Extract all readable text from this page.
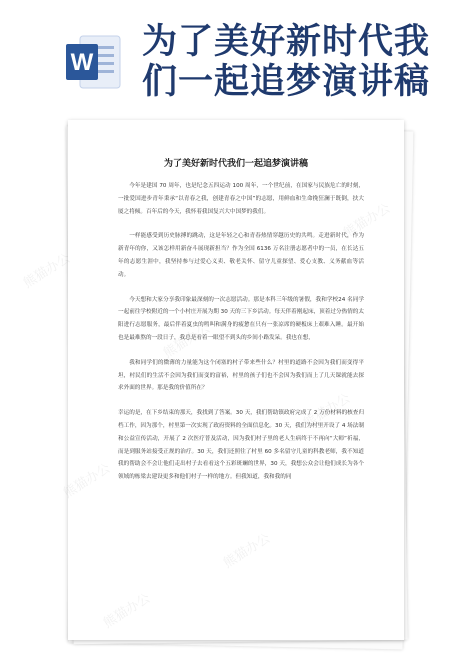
W
为了美好新时代我
们一起追梦演讲稿
为了美好新时代我们一起追梦演讲稿

今年是建国 70 周年，也是纪念五四运动 100 周年，一个世纪前，在国家与民族危亡的时刻，一批爱国进步青年秉承“以青春之我，创建青春之中国”的志愿，用鲜血和生命挽狂澜于既倒，扶大厦之将倾。百年后的今天，我怀着我国复兴大中国梦的我们。

一样能感受到历史脉搏的跳动，这是年轻之心和青春热情穿越历史的共鸣。走进新时代，作为新青年的你，又该怎样用新奋斗展现新担当？作为全国 6136 万名注册志愿者中的一员，在长达五年的志愿生涯中，我坚持参与过爱心义卖、敬老关怀、留守儿童探望、爱心支教、义务献血等活动。

今天想和大家分享我印象最深刻的一次志愿活动。那是本科三年级的暑假，我和学校24 名同学一起前往学校附近的一个小村庄开展为期 30 天的三下乡活动。每天伴着刚起床，顶着过分热情的太阳进行志愿服务，最后伴着夏虫的鸣叫和满身的疲惫在只有一张凉席的硬板床上艰难入睡。最开始也是最难熬的一段日子，我总是看着一眼望不到头的乡间小路发呆。我也在想，

我和同学们的微薄的力量能为这个闭塞的村子带来些什么？村里的道路不会因为我们而变得平坦，村民们的生活不会因为我们而变的富裕，村里的孩子们也不会因为我们而上了几天课就能去探求外面的世界。那是我的价值所在？

幸运的是，在下乡结束的那天，我找到了答案。30 天，我们帮助镇政府完成了 2 万份材料的核查归档工作，因为那个，村里第一次实现了政府资料的全面信息化。30 天，我们为村里开设了 4 场法制和公益宣传活动，开展了 2 次医疗普及活动，因为我们村子里的老人生病终于不再向“大师”祈福，而是到服务站接受正规的治疗。30 天，我们还照往了村里 60 多名留守儿童的科教老师，我不知道我的帮助会不会让他们走出村子去看看这个五彩斑斓的世界，30 天，我想公众会让他们成长为各个领域的栋梁去建设更多和他们村子一样的地方。但我知道，我和我的同

熊猫办公
